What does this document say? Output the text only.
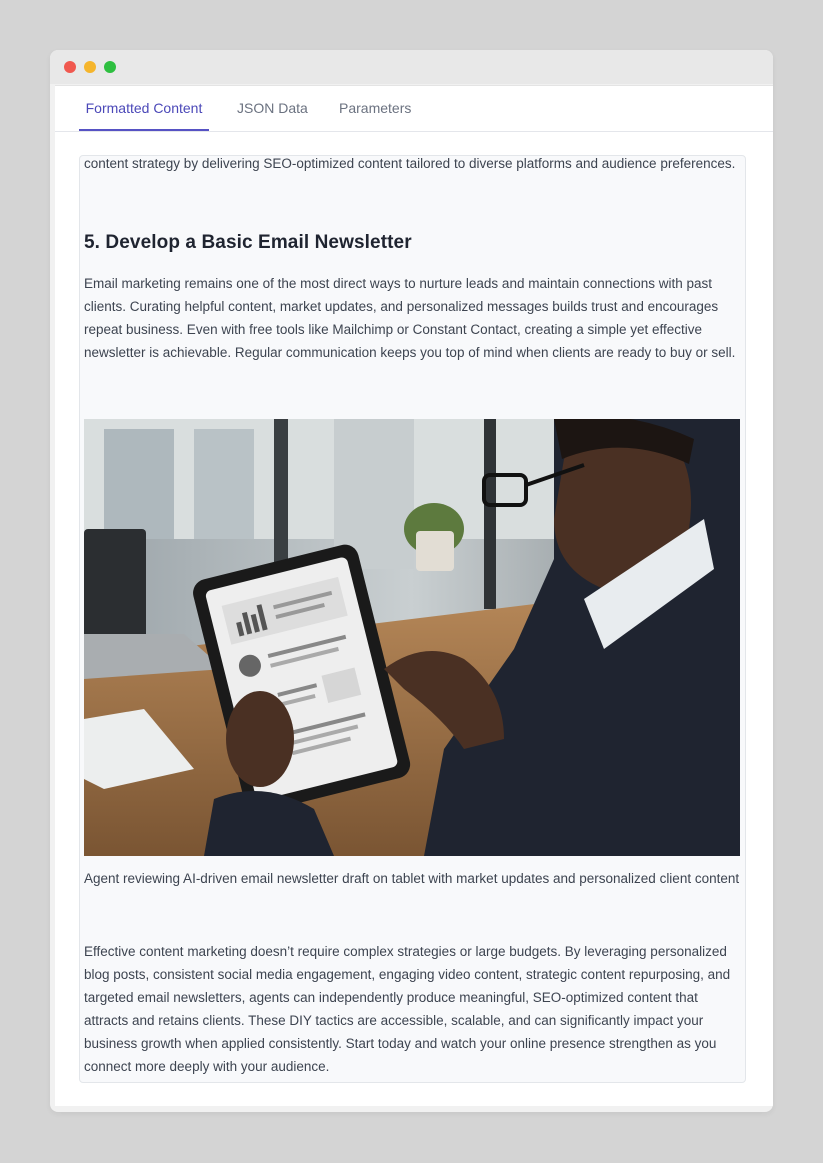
Formatted Content	JSON Data Parameters

content strategy by delivering SEO-optimized content tailored to diverse platforms and audience preferences.

5. Develop a Basic Email Newsletter

Email marketing remains one of the most direct ways to nurture leads and maintain connections with past clients. Curating helpful content, market updates, and personalized messages builds trust and encourages repeat business. Even with free tools like Mailchimp or Constant Contact, creating a simple yet effective newsletter is achievable. Regular communication keeps you top of mind when clients are ready to buy or sell.

Agent reviewing AI-driven email newsletter draft on tablet with market updates and personalized client content

Effective content marketing doesn’t require complex strategies or large budgets. By leveraging personalized blog posts, consistent social media engagement, engaging video content, strategic content repurposing, and targeted email newsletters, agents can independently produce meaningful, SEO-optimized content that attracts and retains clients. These DIY tactics are accessible, scalable, and can significantly impact your business growth when applied consistently. Start today and watch your online presence strengthen as you connect more deeply with your audience.
